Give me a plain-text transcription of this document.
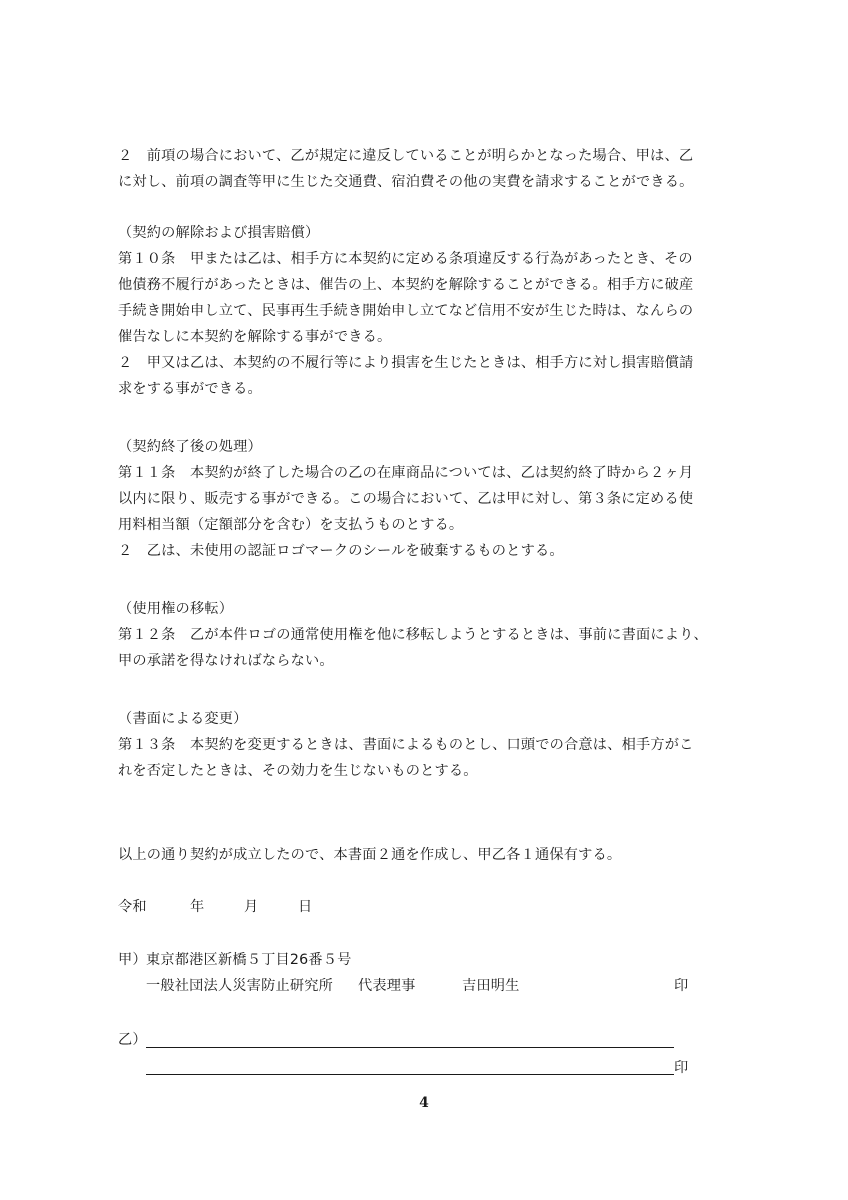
２　前項の場合において、乙が規定に違反していることが明らかとなった場合、甲は、乙
に対し、前項の調査等甲に生じた交通費、宿泊費その他の実費を請求することができる。
（契約の解除および損害賠償）
第１０条　甲または乙は、相手方に本契約に定める条項違反する行為があったとき、その
他債務不履行があったときは、催告の上、本契約を解除することができる。相手方に破産
手続き開始申し立て、民事再生手続き開始申し立てなど信用不安が生じた時は、なんらの
催告なしに本契約を解除する事ができる。
２　甲又は乙は、本契約の不履行等により損害を生じたときは、相手方に対し損害賠償請
求をする事ができる。
（契約終了後の処理）
第１１条　本契約が終了した場合の乙の在庫商品については、乙は契約終了時から２ヶ月
以内に限り、販売する事ができる。この場合において、乙は甲に対し、第３条に定める使
用料相当額（定額部分を含む）を支払うものとする。
２　乙は、未使用の認証ロゴマークのシールを破棄するものとする。
（使用権の移転）
第１２条　乙が本件ロゴの通常使用権を他に移転しようとするときは、事前に書面により、
甲の承諾を得なければならない。
（書面による変更）
第１３条　本契約を変更するときは、書面によるものとし、口頭での合意は、相手方がこ
れを否定したときは、その効力を生じないものとする。
以上の通り契約が成立したので、本書面２通を作成し、甲乙各１通保有する。
令和	年	月	日
甲） 東京都港区新橋５丁目26番５号
一般社団法人災害防止研究所 代表理事	吉田明生	印
乙）
印
4
